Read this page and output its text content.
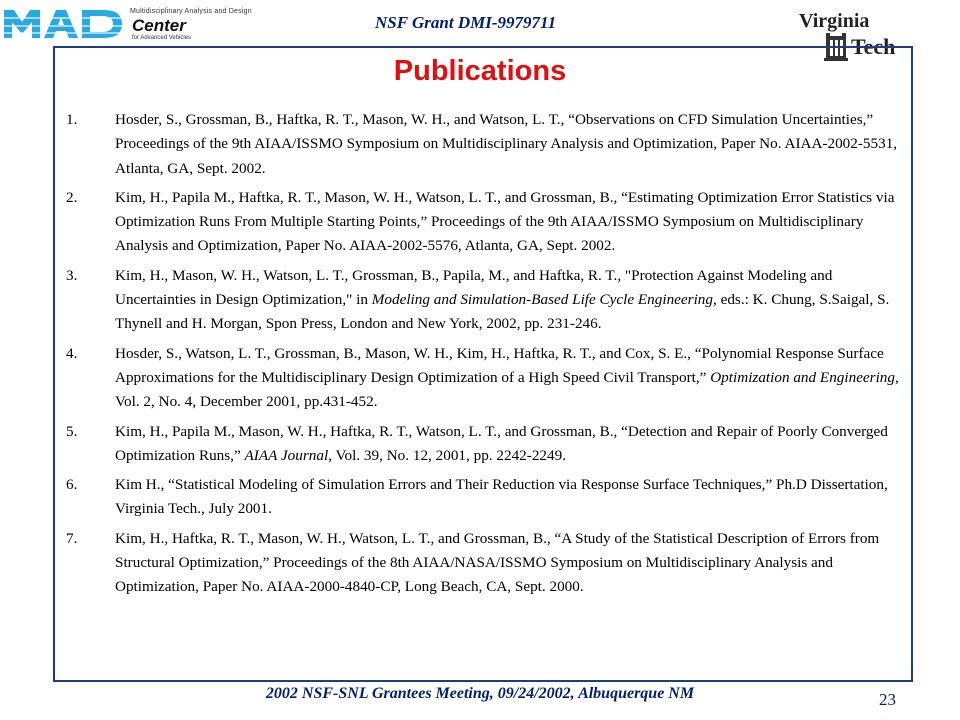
Multidisciplinary Analysis and Design
Center
for Advanced Vehicles
NSF Grant DMI-9979711	Virginia
Tech
Publications
1. Hosder, S., Grossman, B., Haftka, R. T., Mason, W. H., and Watson, L. T., “Observations on CFD Simulation Uncertainties,” Proceedings of the 9th AIAA/ISSMO Symposium on Multidisciplinary Analysis and Optimization, Paper No. AIAA-2002-5531, Atlanta, GA, Sept. 2002.
2. Kim, H., Papila M., Haftka, R. T., Mason, W. H., Watson, L. T., and Grossman, B., “Estimating Optimization Error Statistics via Optimization Runs From Multiple Starting Points,” Proceedings of the 9th AIAA/ISSMO Symposium on Multidisciplinary Analysis and Optimization, Paper No. AIAA-2002-5576, Atlanta, GA, Sept. 2002.
3. Kim, H., Mason, W. H., Watson, L. T., Grossman, B., Papila, M., and Haftka, R. T., "Protection Against Modeling and Uncertainties in Design Optimization," in Modeling and Simulation-Based Life Cycle Engineering, eds.: K. Chung, S.Saigal, S. Thynell and H. Morgan, Spon Press, London and New York, 2002, pp. 231-246.
4. Hosder, S., Watson, L. T., Grossman, B., Mason, W. H., Kim, H., Haftka, R. T., and Cox, S. E., “Polynomial Response Surface Approximations for the Multidisciplinary Design Optimization of a High Speed Civil Transport,” Optimization and Engineering, Vol. 2, No. 4, December 2001, pp.431-452.
5. Kim, H., Papila M., Mason, W. H., Haftka, R. T., Watson, L. T., and Grossman, B., “Detection and Repair of Poorly Converged Optimization Runs,” AIAA Journal, Vol. 39, No. 12, 2001, pp. 2242-2249.
6. Kim H., “Statistical Modeling of Simulation Errors and Their Reduction via Response Surface Techniques,” Ph.D Dissertation, Virginia Tech., July 2001.
7. Kim, H., Haftka, R. T., Mason, W. H., Watson, L. T., and Grossman, B., “A Study of the Statistical Description of Errors from Structural Optimization,” Proceedings of the 8th AIAA/NASA/ISSMO Symposium on Multidisciplinary Analysis and Optimization, Paper No. AIAA-2000-4840-CP, Long Beach, CA, Sept. 2000.
2002 NSF-SNL Grantees Meeting, 09/24/2002, Albuquerque NM	23
